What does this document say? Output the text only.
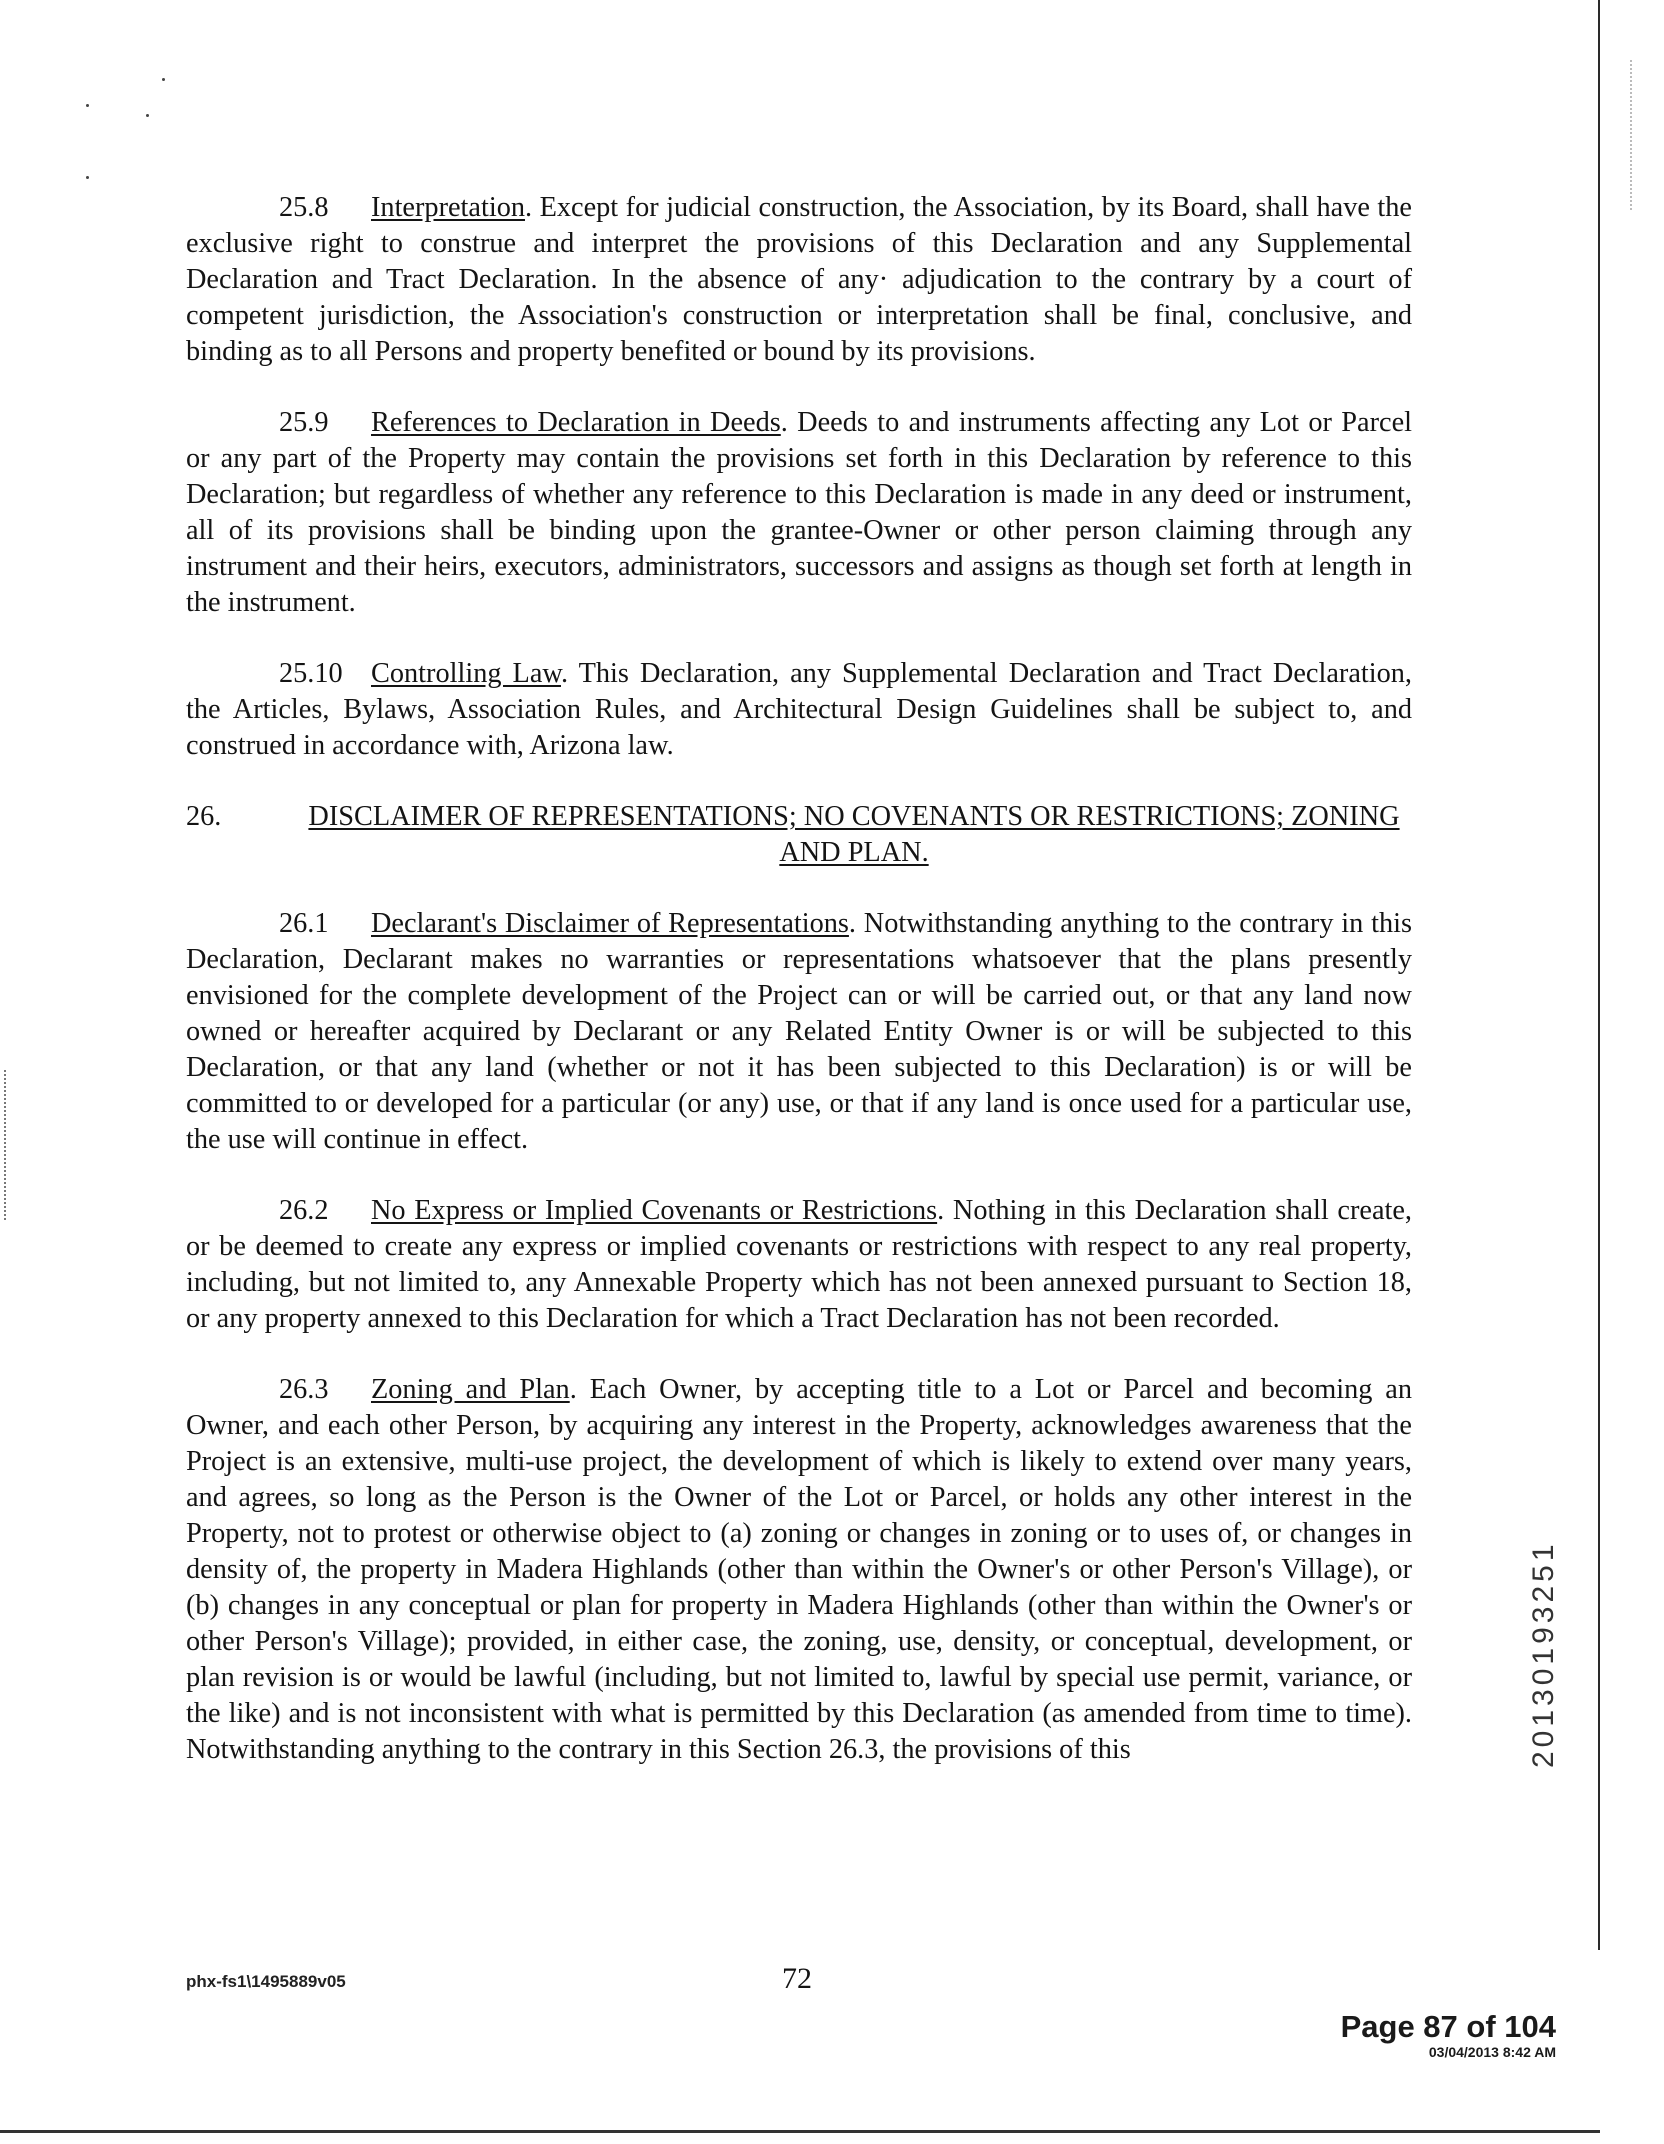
25.8 Interpretation. Except for judicial construction, the Association, by its Board, shall have the exclusive right to construe and interpret the provisions of this Declaration and any Supplemental Declaration and Tract Declaration. In the absence of any· adjudication to the contrary by a court of competent jurisdiction, the Association's construction or interpretation shall be final, conclusive, and binding as to all Persons and property benefited or bound by its provisions.

25.9 References to Declaration in Deeds. Deeds to and instruments affecting any Lot or Parcel or any part of the Property may contain the provisions set forth in this Declaration by reference to this Declaration; but regardless of whether any reference to this Declaration is made in any deed or instrument, all of its provisions shall be binding upon the grantee-Owner or other person claiming through any instrument and their heirs, executors, administrators, successors and assigns as though set forth at length in the instrument.

25.10 Controlling Law. This Declaration, any Supplemental Declaration and Tract Declaration, the Articles, Bylaws, Association Rules, and Architectural Design Guidelines shall be subject to, and construed in accordance with, Arizona law.

26.	DISCLAIMER OF REPRESENTATIONS; NO COVENANTS OR RESTRICTIONS; ZONING AND PLAN.

26.1 Declarant's Disclaimer of Representations. Notwithstanding anything to the contrary in this Declaration, Declarant makes no warranties or representations whatsoever that the plans presently envisioned for the complete development of the Project can or will be carried out, or that any land now owned or hereafter acquired by Declarant or any Related Entity Owner is or will be subjected to this Declaration, or that any land (whether or not it has been subjected to this Declaration) is or will be committed to or developed for a particular (or any) use, or that if any land is once used for a particular use, the use will continue in effect.

26.2 No Express or Implied Covenants or Restrictions. Nothing in this Declaration shall create, or be deemed to create any express or implied covenants or restrictions with respect to any real property, including, but not limited to, any Annexable Property which has not been annexed pursuant to Section 18, or any property annexed to this Declaration for which a Tract Declaration has not been recorded.

26.3 Zoning and Plan. Each Owner, by accepting title to a Lot or Parcel and becoming an Owner, and each other Person, by acquiring any interest in the Property, acknowledges awareness that the Project is an extensive, multi-use project, the development of which is likely to extend over many years, and agrees, so long as the Person is the Owner of the Lot or Parcel, or holds any other interest in the Property, not to protest or otherwise object to (a) zoning or changes in zoning or to uses of, or changes in density of, the property in Madera Highlands (other than within the Owner's or other Person's Village), or (b) changes in any conceptual or plan for property in Madera Highlands (other than within the Owner's or other Person's Village); provided, in either case, the zoning, use, density, or conceptual, development, or plan revision is or would be lawful (including, but not limited to, lawful by special use permit, variance, or the like) and is not inconsistent with what is permitted by this Declaration (as amended from time to time). Notwithstanding anything to the contrary in this Section 26.3, the provisions of this	20130193251
phx-fs1\1495889v05	72
Page 87 of 104
03/04/2013 8:42 AM
